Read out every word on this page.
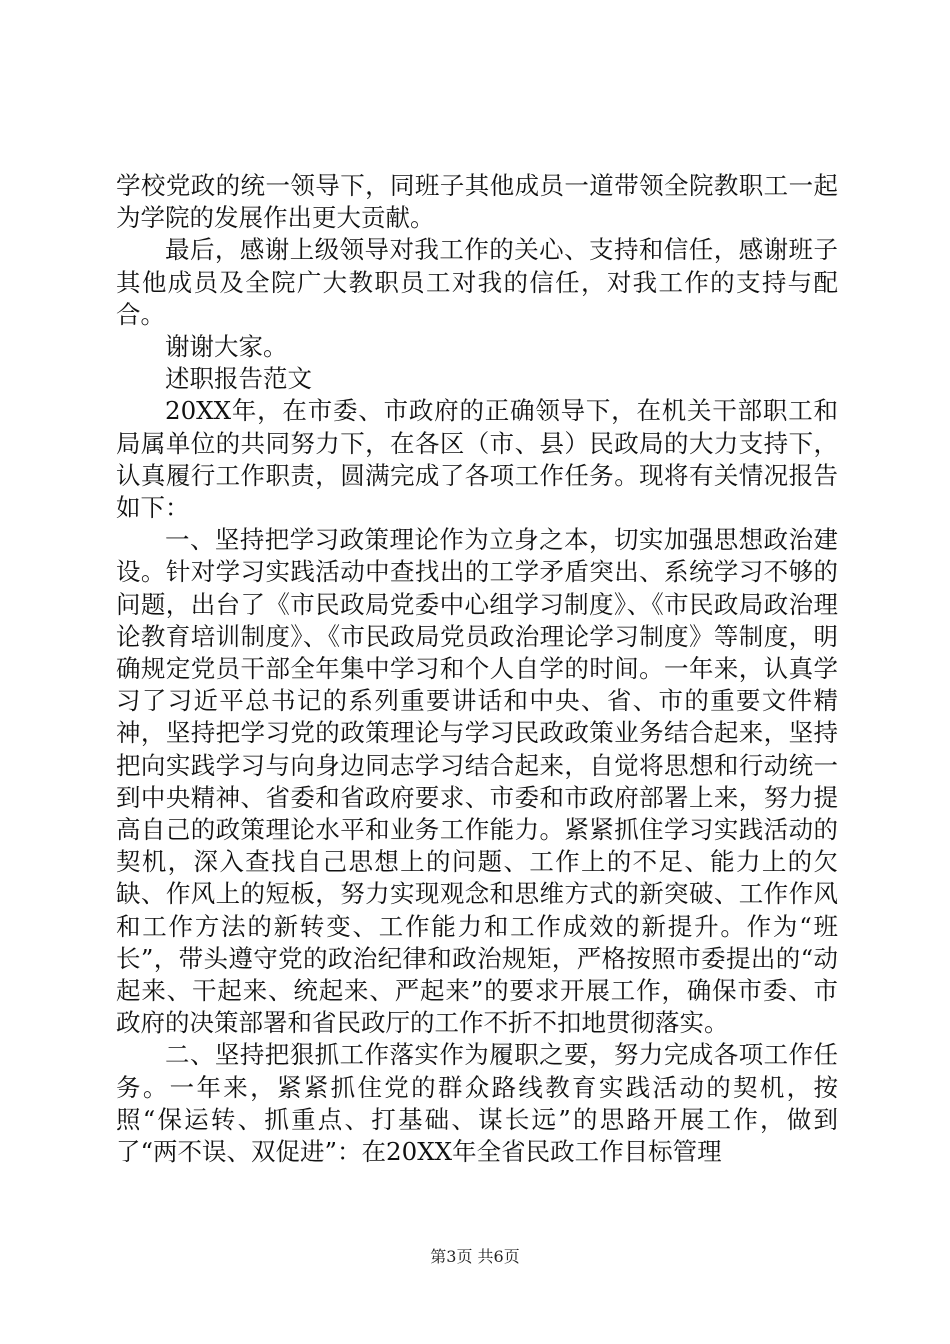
学校党政的统一领导下，同班子其他成员一道带领全院教职工一起为学院的发展作出更大贡献。

最后，感谢上级领导对我工作的关心、支持和信任，感谢班子其他成员及全院广大教职员工对我的信任，对我工作的支持与配合。

谢谢大家。

述职报告范文

20XX年，在市委、市政府的正确领导下，在机关干部职工和局属单位的共同努力下，在各区（市、县）民政局的大力支持下，认真履行工作职责，圆满完成了各项工作任务。现将有关情况报告如下：

一、坚持把学习政策理论作为立身之本，切实加强思想政治建设。针对学习实践活动中查找出的工学矛盾突出、系统学习不够的问题，出台了《市民政局党委中心组学习制度》、《市民政局政治理论教育培训制度》、《市民政局党员政治理论学习制度》等制度，明确规定党员干部全年集中学习和个人自学的时间。一年来，认真学习了习近平总书记的系列重要讲话和中央、省、市的重要文件精神，坚持把学习党的政策理论与学习民政政策业务结合起来，坚持把向实践学习与向身边同志学习结合起来，自觉将思想和行动统一到中央精神、省委和省政府要求、市委和市政府部署上来，努力提高自己的政策理论水平和业务工作能力。紧紧抓住学习实践活动的契机，深入查找自己思想上的问题、工作上的不足、能力上的欠缺、作风上的短板，努力实现观念和思维方式的新突破、工作作风和工作方法的新转变、工作能力和工作成效的新提升。作为“班长”，带头遵守党的政治纪律和政治规矩，严格按照市委提出的“动起来、干起来、统起来、严起来”的要求开展工作，确保市委、市政府的决策部署和省民政厅的工作不折不扣地贯彻落实。

二、坚持把狠抓工作落实作为履职之要，努力完成各项工作任务。一年来，紧紧抓住党的群众路线教育实践活动的契机，按照“保运转、抓重点、打基础、谋长远”的思路开展工作，做到了“两不误、双促进”：在20XX年全省民政工作目标管理

第3页 共6页
